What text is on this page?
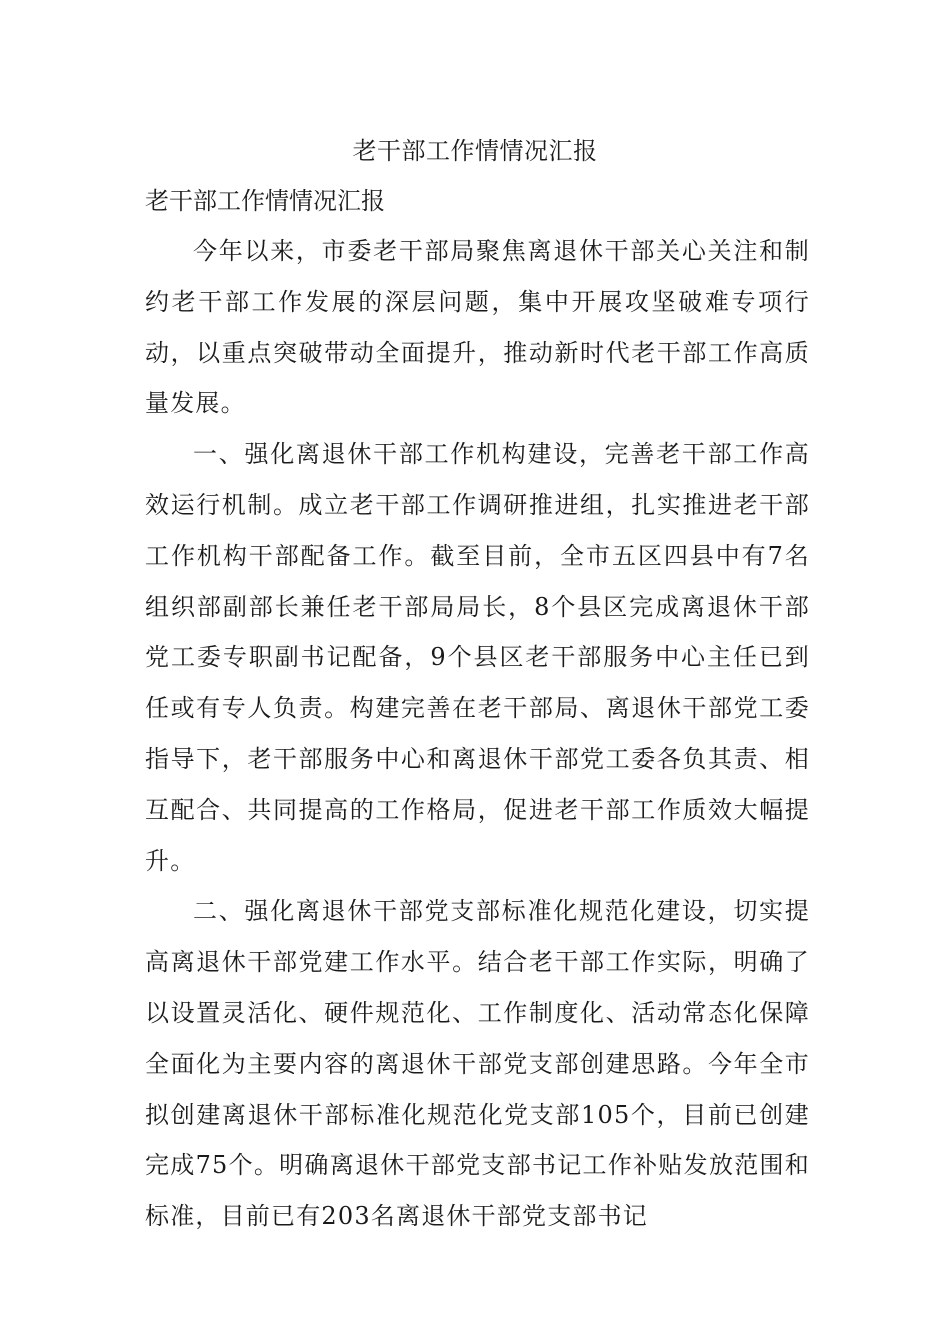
老干部工作情情况汇报
老干部工作情情况汇报

今年以来，市委老干部局聚焦离退休干部关心关注和制约老干部工作发展的深层问题，集中开展攻坚破难专项行动，以重点突破带动全面提升，推动新时代老干部工作高质量发展。

一、强化离退休干部工作机构建设，完善老干部工作高效运行机制。成立老干部工作调研推进组，扎实推进老干部工作机构干部配备工作。截至目前，全市五区四县中有7名组织部副部长兼任老干部局局长，8个县区完成离退休干部党工委专职副书记配备，9个县区老干部服务中心主任已到任或有专人负责。构建完善在老干部局、离退休干部党工委指导下，老干部服务中心和离退休干部党工委各负其责、相互配合、共同提高的工作格局，促进老干部工作质效大幅提升。

二、强化离退休干部党支部标准化规范化建设，切实提高离退休干部党建工作水平。结合老干部工作实际，明确了以设置灵活化、硬件规范化、工作制度化、活动常态化保障全面化为主要内容的离退休干部党支部创建思路。今年全市拟创建离退休干部标准化规范化党支部105个，目前已创建完成75个。明确离退休干部党支部书记工作补贴发放范围和标准，目前已有203名离退休干部党支部书记
